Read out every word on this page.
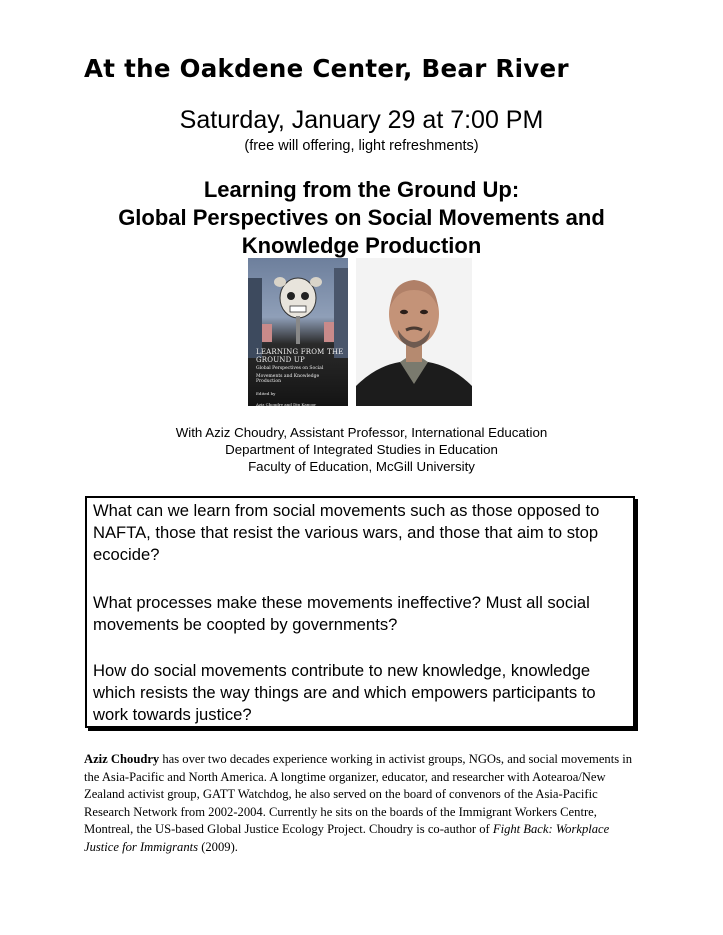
At the Oakdene Center, Bear River

Saturday, January 29 at 7:00 PM

(free will offering, light refreshments)

Learning from the Ground Up:
Global Perspectives on Social Movements and
Knowledge Production
LEARNING FROM THE
GROUND UP
Global Perspectives on Social
Movements and Knowledge Production
Edited by
Aziz Choudry and Dip Kapoor

With Aziz Choudry, Assistant Professor, International Education
Department of Integrated Studies in Education
Faculty of Education, McGill University

What can we learn from social movements such as those opposed to NAFTA, those that resist the various wars, and those that aim to stop ecocide?

What processes make these movements ineffective? Must all social movements be coopted by governments?

How do social movements contribute to new knowledge, knowledge which resists the way things are and which empowers participants to work towards justice?

Aziz Choudry has over two decades experience working in activist groups, NGOs, and social movements in the Asia-Pacific and North America. A longtime organizer, educator, and researcher with Aotearoa/New Zealand activist group, GATT Watchdog, he also served on the board of convenors of the Asia-Pacific Research Network from 2002-2004. Currently he sits on the boards of the Immigrant Workers Centre, Montreal, the US-based Global Justice Ecology Project. Choudry is co-author of Fight Back: Workplace Justice for Immigrants (2009).
